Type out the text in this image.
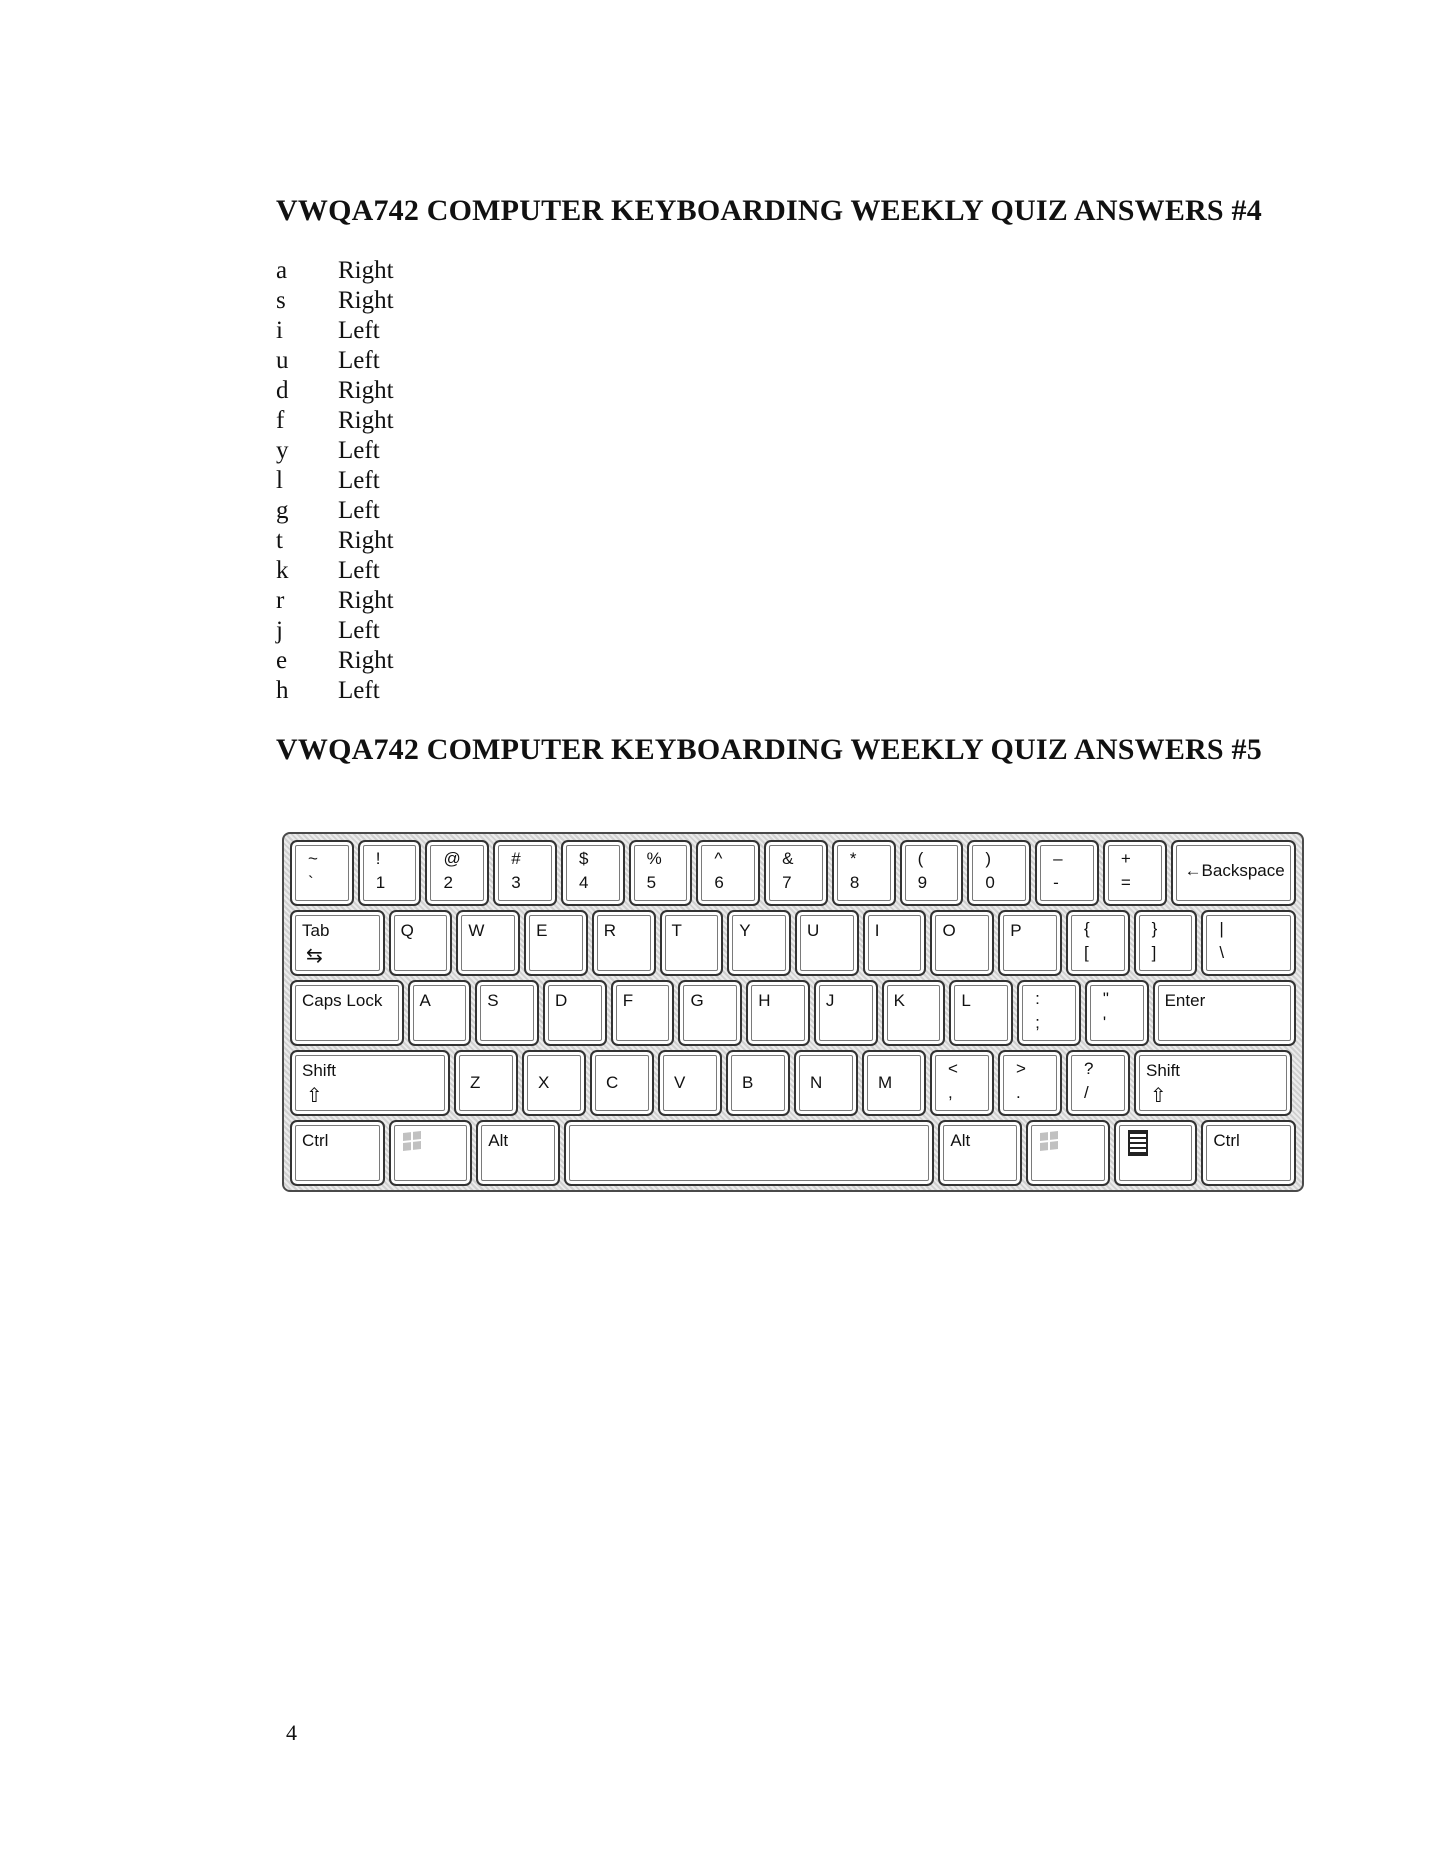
VWQA742 COMPUTER KEYBOARDING WEEKLY QUIZ ANSWERS #4
a	Right
s	Right
i	Left
u	Left
d	Right
f	Right
y	Left
l	Left
g	Left
t	Right
k	Left
r	Right
j	Left
e	Right
h	Left
VWQA742 COMPUTER KEYBOARDING WEEKLY QUIZ ANSWERS #5
~
`
!
1
@
2
#
3
$
4
%
5
^
6
&
7
*
8
(
9
)
0
–
-
+
=
←Backspace
Tab
⇆
Q	W	E	R	T	Y	U	I	O	P	{
[
}
]
|
\
Caps Lock A	S	D	F	G	H	J	K	L	:
;
"
'
Enter
Shift
⇧
Z	X	C	V	B	N	M
<
,
>
.
?
/
Shift
⇧
Ctrl	Alt	Alt	Ctrl
4
